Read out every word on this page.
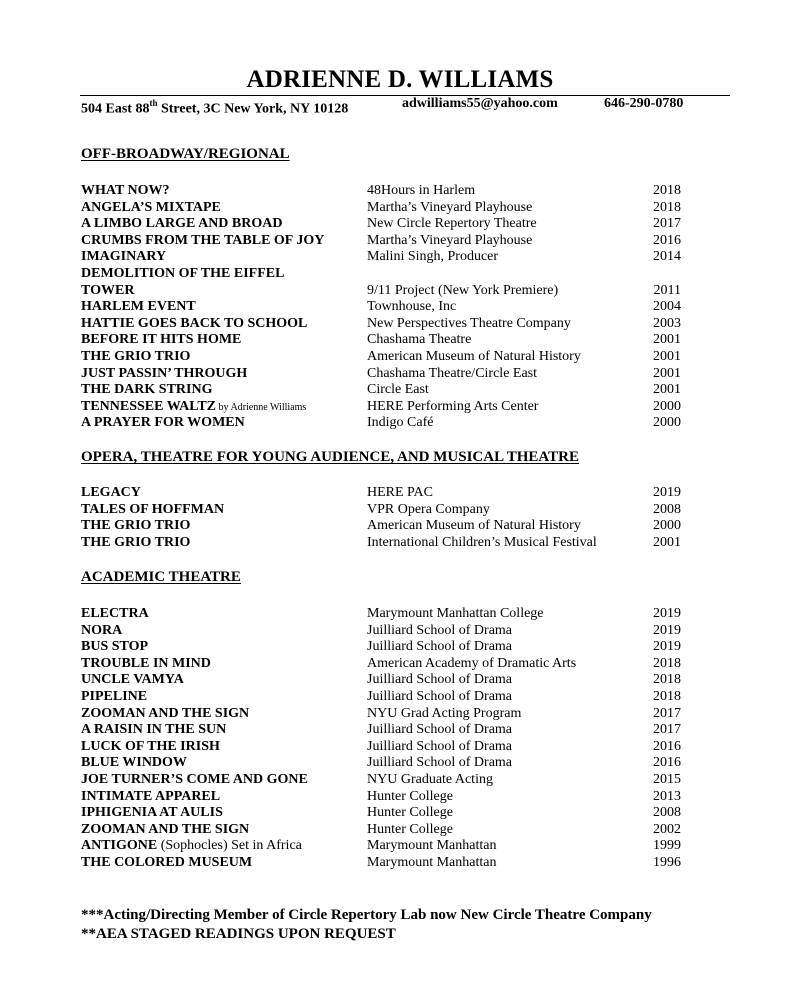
ADRIENNE D. WILLIAMS
504 East 88th Street, 3C New York, NY 10128	adwilliams55@yahoo.com	646-290-0780
OFF-BROADWAY/REGIONAL
WHAT NOW?	48Hours in Harlem	2018
ANGELA’S MIXTAPE	Martha’s Vineyard Playhouse	2018
A LIMBO LARGE AND BROAD	New Circle Repertory Theatre	2017
CRUMBS FROM THE TABLE OF JOY	Martha’s Vineyard Playhouse	2016
IMAGINARY	Malini Singh, Producer	2014
DEMOLITION OF THE EIFFEL
TOWER	9/11 Project (New York Premiere)	2011
HARLEM EVENT	Townhouse, Inc	2004
HATTIE GOES BACK TO SCHOOL	New Perspectives Theatre Company	2003
BEFORE IT HITS HOME	Chashama Theatre	2001
THE GRIO TRIO	American Museum of Natural History	2001
JUST PASSIN’ THROUGH	Chashama Theatre/Circle East	2001
THE DARK STRING	Circle East	2001
TENNESSEE WALTZ by Adrienne Williams	HERE Performing Arts Center	2000
A PRAYER FOR WOMEN	Indigo Café	2000
OPERA, THEATRE FOR YOUNG AUDIENCE, AND MUSICAL THEATRE
LEGACY	HERE PAC	2019
TALES OF HOFFMAN	VPR Opera Company	2008
THE GRIO TRIO	American Museum of Natural History	2000
THE GRIO TRIO	International Children’s Musical Festival	2001
ACADEMIC THEATRE
ELECTRA	Marymount Manhattan College	2019
NORA	Juilliard School of Drama	2019
BUS STOP	Juilliard School of Drama	2019
TROUBLE IN MIND	American Academy of Dramatic Arts	2018
UNCLE VAMYA	Juilliard School of Drama	2018
PIPELINE	Juilliard School of Drama	2018
ZOOMAN AND THE SIGN	NYU Grad Acting Program	2017
A RAISIN IN THE SUN	Juilliard School of Drama	2017
LUCK OF THE IRISH	Juilliard School of Drama	2016
BLUE WINDOW	Juilliard School of Drama	2016
JOE TURNER’S COME AND GONE	NYU Graduate Acting	2015
INTIMATE APPAREL	Hunter College	2013
IPHIGENIA AT AULIS	Hunter College	2008
ZOOMAN AND THE SIGN	Hunter College	2002
ANTIGONE (Sophocles) Set in Africa	Marymount Manhattan	1999
THE COLORED MUSEUM	Marymount Manhattan	1996
***Acting/Directing Member of Circle Repertory Lab now New Circle Theatre Company
**AEA STAGED READINGS UPON REQUEST
